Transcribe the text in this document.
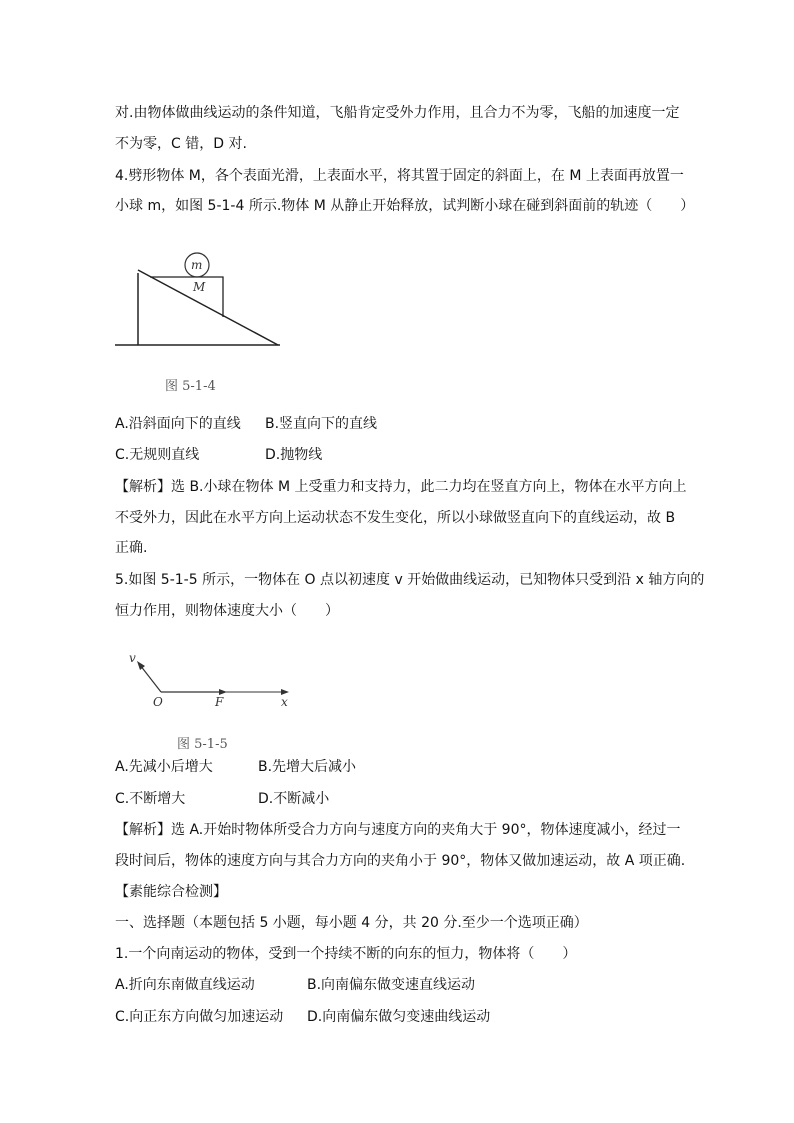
对.由物体做曲线运动的条件知道，飞船肯定受外力作用，且合力不为零，飞船的加速度一定
不为零，C 错，D 对.
4.劈形物体 M，各个表面光滑，上表面水平，将其置于固定的斜面上，在 M 上表面再放置一
小球 m，如图 5-1-4 所示.物体 M 从静止开始释放，试判断小球在碰到斜面前的轨迹（　　）
m
M
图 5-1-4
A.沿斜面向下的直线 B.竖直向下的直线
C.无规则直线	D.抛物线
【解析】选 B.小球在物体 M 上受重力和支持力，此二力均在竖直方向上，物体在水平方向上
不受外力，因此在水平方向上运动状态不发生变化，所以小球做竖直向下的直线运动，故 B
正确.
5.如图 5-1-5 所示，一物体在 O 点以初速度 v 开始做曲线运动，已知物体只受到沿 x 轴方向的
恒力作用，则物体速度大小（　　）
v
O	F	x
图 5-1-5
A.先减小后增大	B.先增大后减小
C.不断增大	D.不断减小
【解析】选 A.开始时物体所受合力方向与速度方向的夹角大于 90°，物体速度减小，经过一
段时间后，物体的速度方向与其合力方向的夹角小于 90°，物体又做加速运动，故 A 项正确.
【素能综合检测】
一、选择题（本题包括 5 小题，每小题 4 分，共 20 分.至少一个选项正确）
1.一个向南运动的物体，受到一个持续不断的向东的恒力，物体将（　　）
A.折向东南做直线运动	B.向南偏东做变速直线运动
C.向正东方向做匀加速运动 D.向南偏东做匀变速曲线运动
